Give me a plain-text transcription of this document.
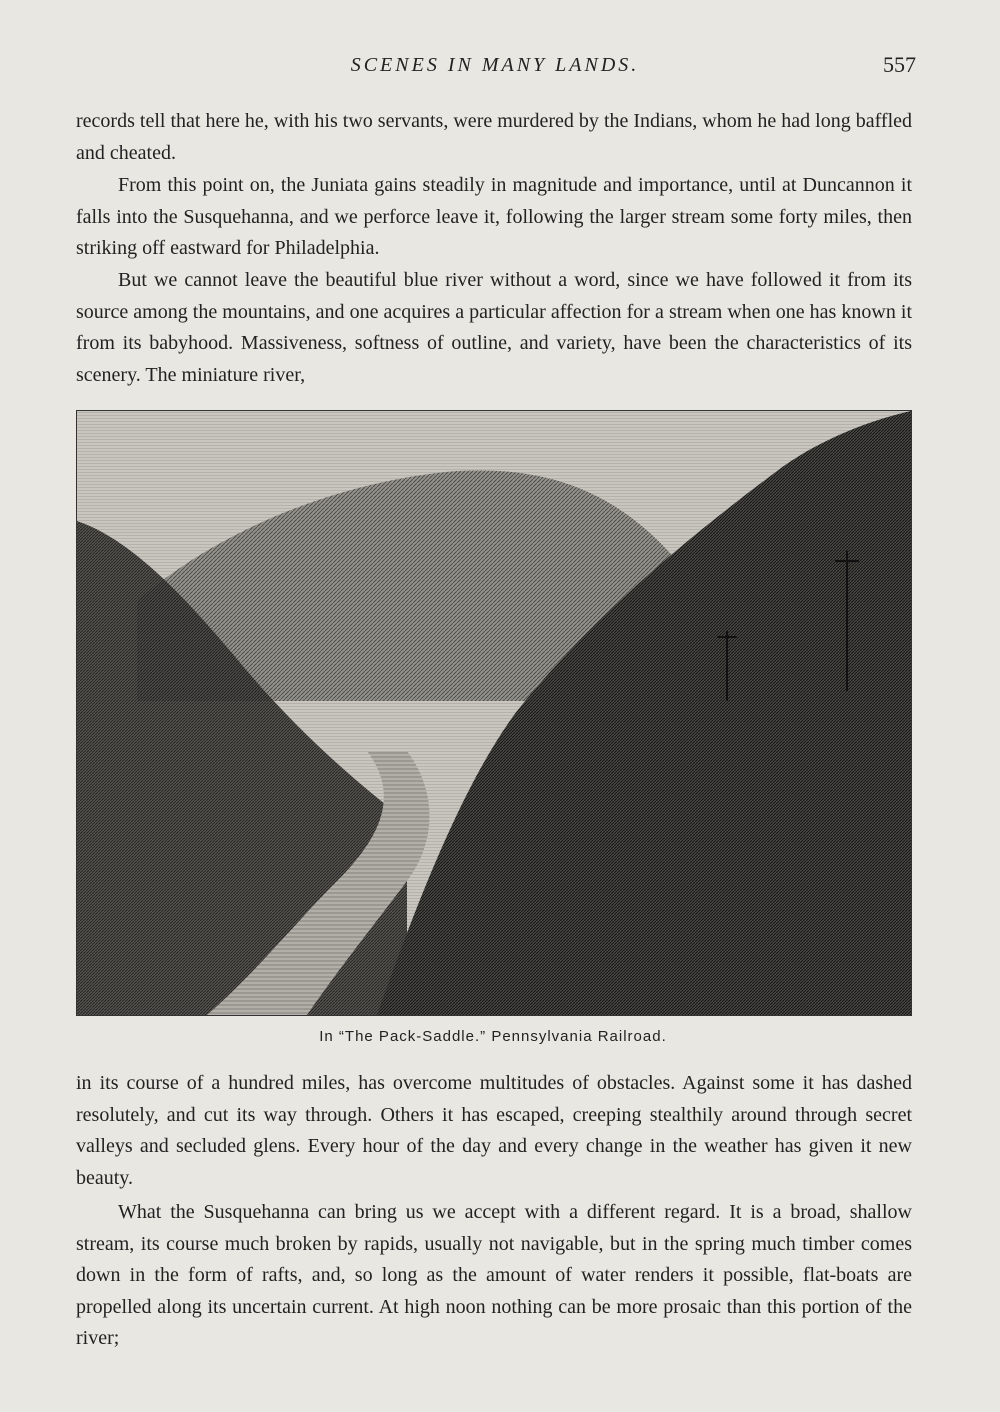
SCENES IN MANY LANDS.	557

records tell that here he, with his two servants, were murdered by the Indians, whom he had long baffled and cheated.

From this point on, the Juniata gains steadily in magnitude and importance, until at Duncannon it falls into the Susquehanna, and we perforce leave it, following the larger stream some forty miles, then striking off eastward for Philadelphia.

But we cannot leave the beautiful blue river without a word, since we have followed it from its source among the mountains, and one acquires a particular affection for a stream when one has known it from its babyhood. Massiveness, softness of outline, and variety, have been the characteristics of its scenery. The miniature river,

In “The Pack-Saddle.” Pennsylvania Railroad.

in its course of a hundred miles, has overcome multitudes of obstacles. Against some it has dashed resolutely, and cut its way through. Others it has escaped, creeping stealthily around through secret valleys and secluded glens. Every hour of the day and every change in the weather has given it new beauty.

What the Susquehanna can bring us we accept with a different regard. It is a broad, shallow stream, its course much broken by rapids, usually not navigable, but in the spring much timber comes down in the form of rafts, and, so long as the amount of water renders it possible, flat-boats are propelled along its uncertain current. At high noon nothing can be more prosaic than this portion of the river;
